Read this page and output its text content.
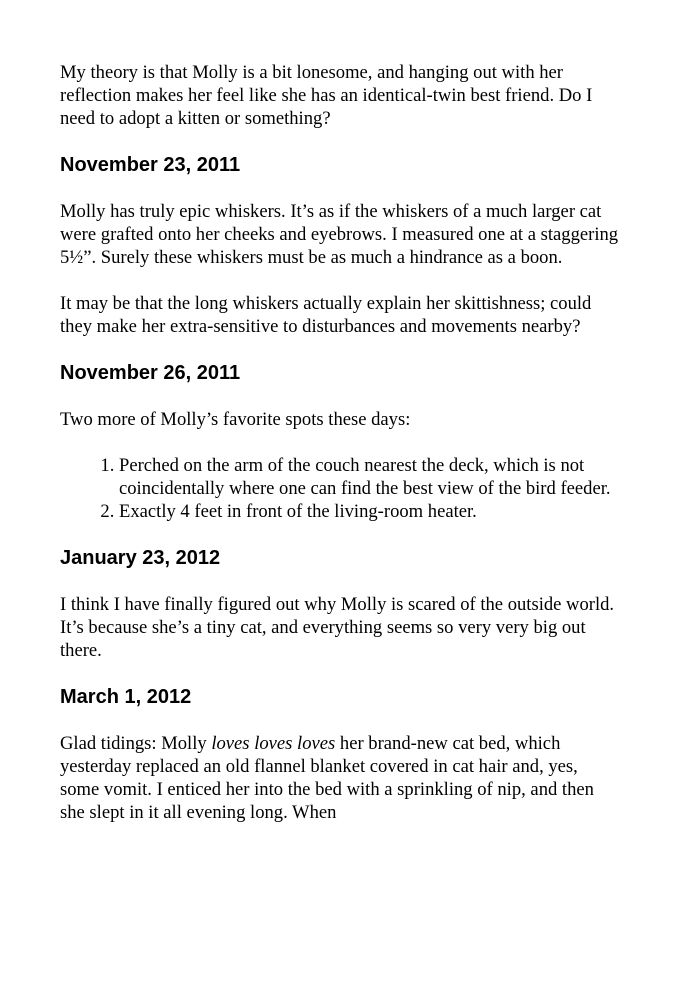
My theory is that Molly is a bit lonesome, and hanging out with her reflection makes her feel like she has an identical-twin best friend. Do I need to adopt a kitten or something?

November 23, 2011

Molly has truly epic whiskers. It’s as if the whiskers of a much larger cat were grafted onto her cheeks and eyebrows. I measured one at a staggering 5½”. Surely these whiskers must be as much a hindrance as a boon.

It may be that the long whiskers actually explain her skittishness; could they make her extra-sensitive to disturbances and movements nearby?

November 26, 2011

Two more of Molly’s favorite spots these days:

1. Perched on the arm of the couch nearest the deck, which is not coincidentally where one can find the best view of the bird feeder.
2. Exactly 4 feet in front of the living-room heater.
January 23, 2012

I think I have finally figured out why Molly is scared of the outside world. It’s because she’s a tiny cat, and everything seems so very very big out there.

March 1, 2012

Glad tidings: Molly loves loves loves her brand-new cat bed, which yesterday replaced an old flannel blanket covered in cat hair and, yes, some vomit. I enticed her into the bed with a sprinkling of nip, and then she slept in it all evening long. When
